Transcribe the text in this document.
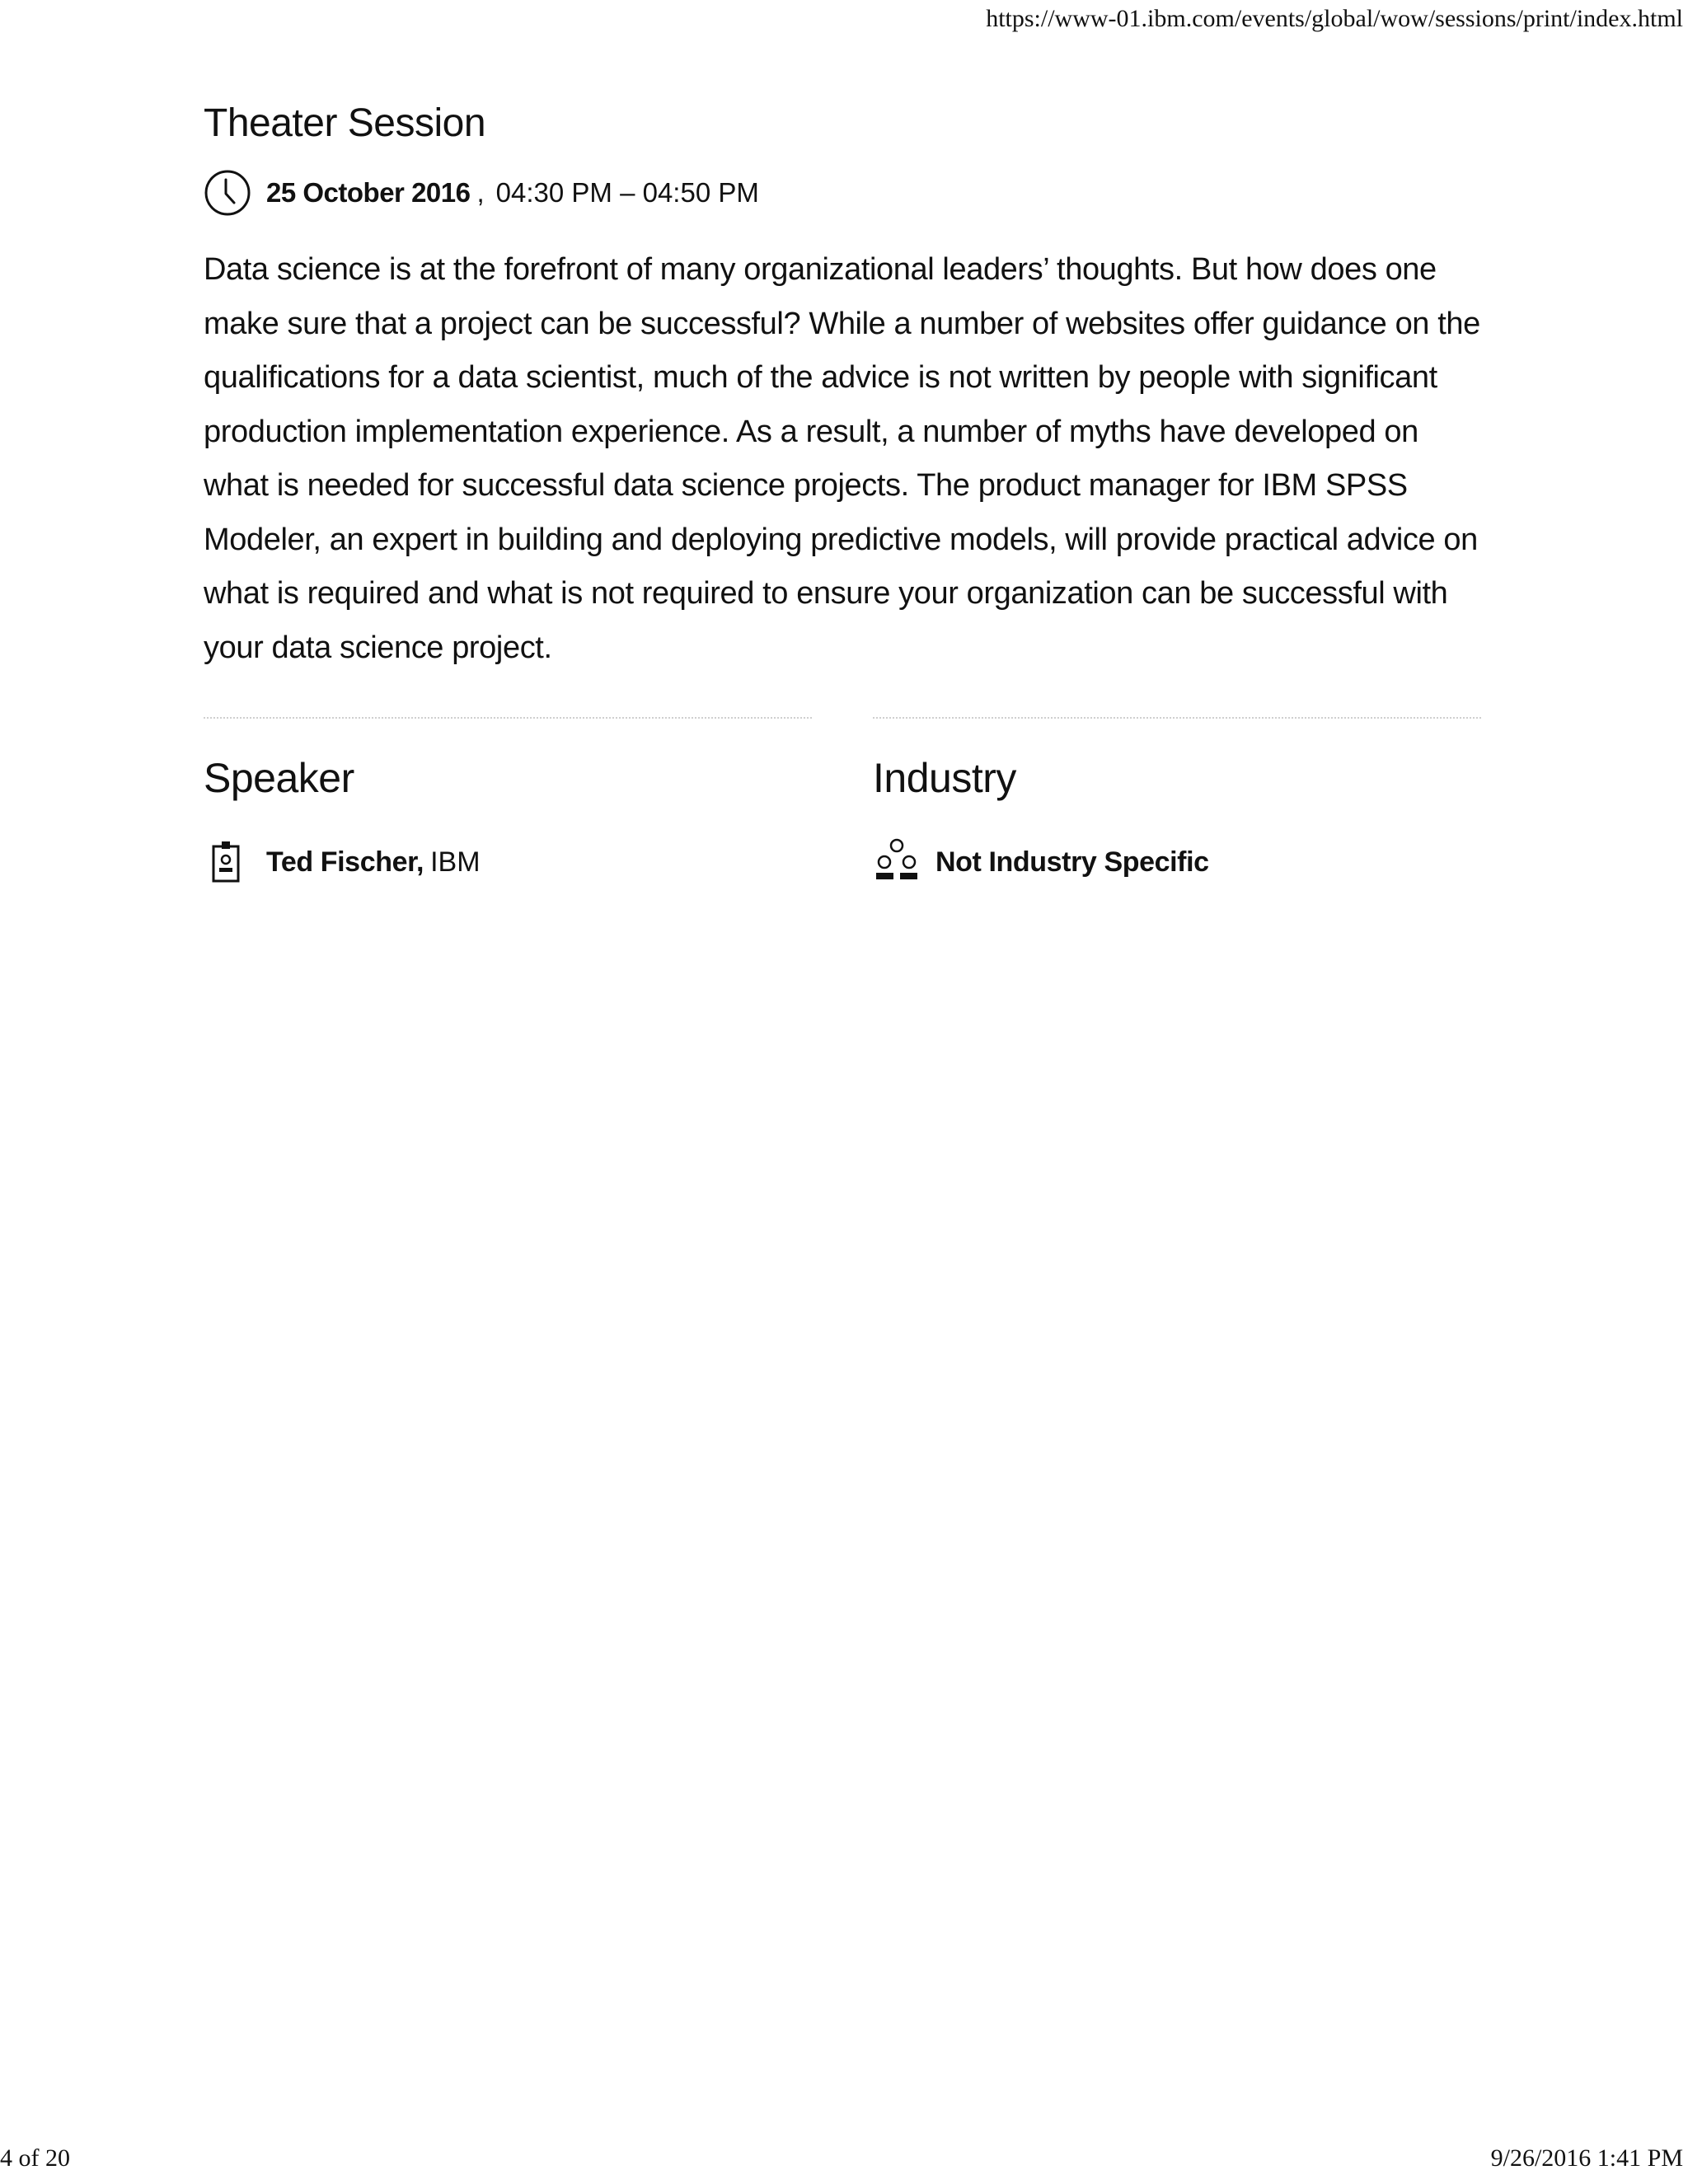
https://www-01.ibm.com/events/global/wow/sessions/print/index.html
Theater Session
25 October 2016 , 04:30 PM – 04:50 PM

Data science is at the forefront of many organizational leaders’ thoughts. But how does one make sure that a project can be successful? While a number of websites offer guidance on the qualifications for a data scientist, much of the advice is not written by people with significant production implementation experience. As a result, a number of myths have developed on what is needed for successful data science projects. The product manager for IBM SPSS Modeler, an expert in building and deploying predictive models, will provide practical advice on what is required and what is not required to ensure your organization can be successful with your data science project.

Speaker	Industry
Ted Fischer, IBM	Not Industry Specific
4 of 20	9/26/2016 1:41 PM
